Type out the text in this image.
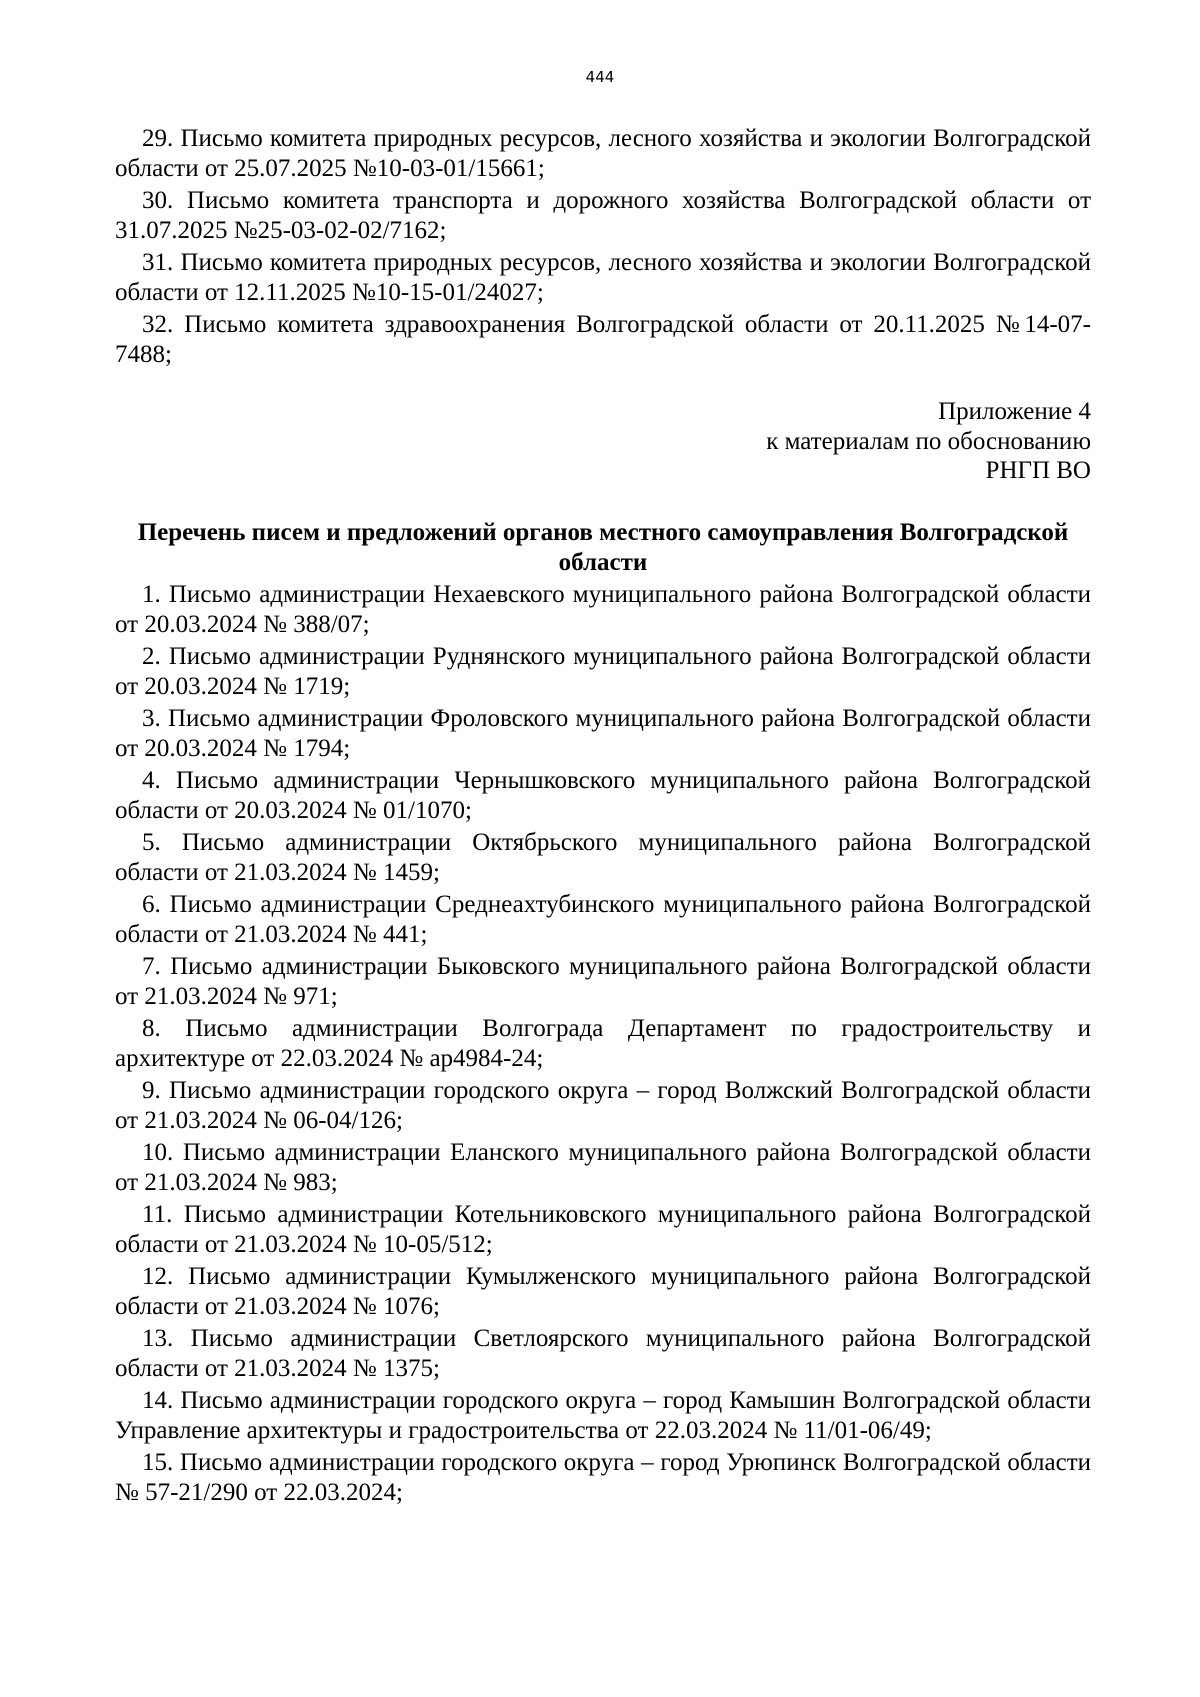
444

29. Письмо комитета природных ресурсов, лесного хозяйства и экологии Волгоградской области от 25.07.2025 №10-03-01/15661;

30. Письмо комитета транспорта и дорожного хозяйства Волгоградской области от 31.07.2025 №25-03-02-02/7162;

31. Письмо комитета природных ресурсов, лесного хозяйства и экологии Волгоградской области от 12.11.2025 №10-15-01/24027;

32. Письмо комитета здравоохранения Волгоградской области от 20.11.2025 №14-07-7488;

Приложение 4
к материалам по обоснованию
РНГП ВО
Перечень писем и предложений органов местного самоуправления Волгоградской области

1. Письмо администрации Нехаевского муниципального района Волгоградской области от 20.03.2024 № 388/07;

2. Письмо администрации Руднянского муниципального района Волгоградской области от 20.03.2024 № 1719;

3. Письмо администрации Фроловского муниципального района Волгоградской области от 20.03.2024 № 1794;

4. Письмо администрации Чернышковского муниципального района Волгоградской области от 20.03.2024 № 01/1070;

5. Письмо администрации Октябрьского муниципального района Волгоградской области от 21.03.2024 № 1459;

6. Письмо администрации Среднеахтубинского муниципального района Волгоградской области от 21.03.2024 № 441;

7. Письмо администрации Быковского муниципального района Волгоградской области от 21.03.2024 № 971;

8. Письмо администрации Волгограда Департамент по градостроительству и архитектуре от 22.03.2024 № ар4984-24;

9. Письмо администрации городского округа – город Волжский Волгоградской области от 21.03.2024 № 06-04/126;

10. Письмо администрации Еланского муниципального района Волгоградской области от 21.03.2024 № 983;

11. Письмо администрации Котельниковского муниципального района Волгоградской области от 21.03.2024 № 10-05/512;

12. Письмо администрации Кумылженского муниципального района Волгоградской области от 21.03.2024 № 1076;

13. Письмо администрации Светлоярского муниципального района Волгоградской области от 21.03.2024 № 1375;

14. Письмо администрации городского округа – город Камышин Волгоградской области Управление архитектуры и градостроительства от 22.03.2024 № 11/01-06/49;

15. Письмо администрации городского округа – город Урюпинск Волгоградской области № 57-21/290 от 22.03.2024;
